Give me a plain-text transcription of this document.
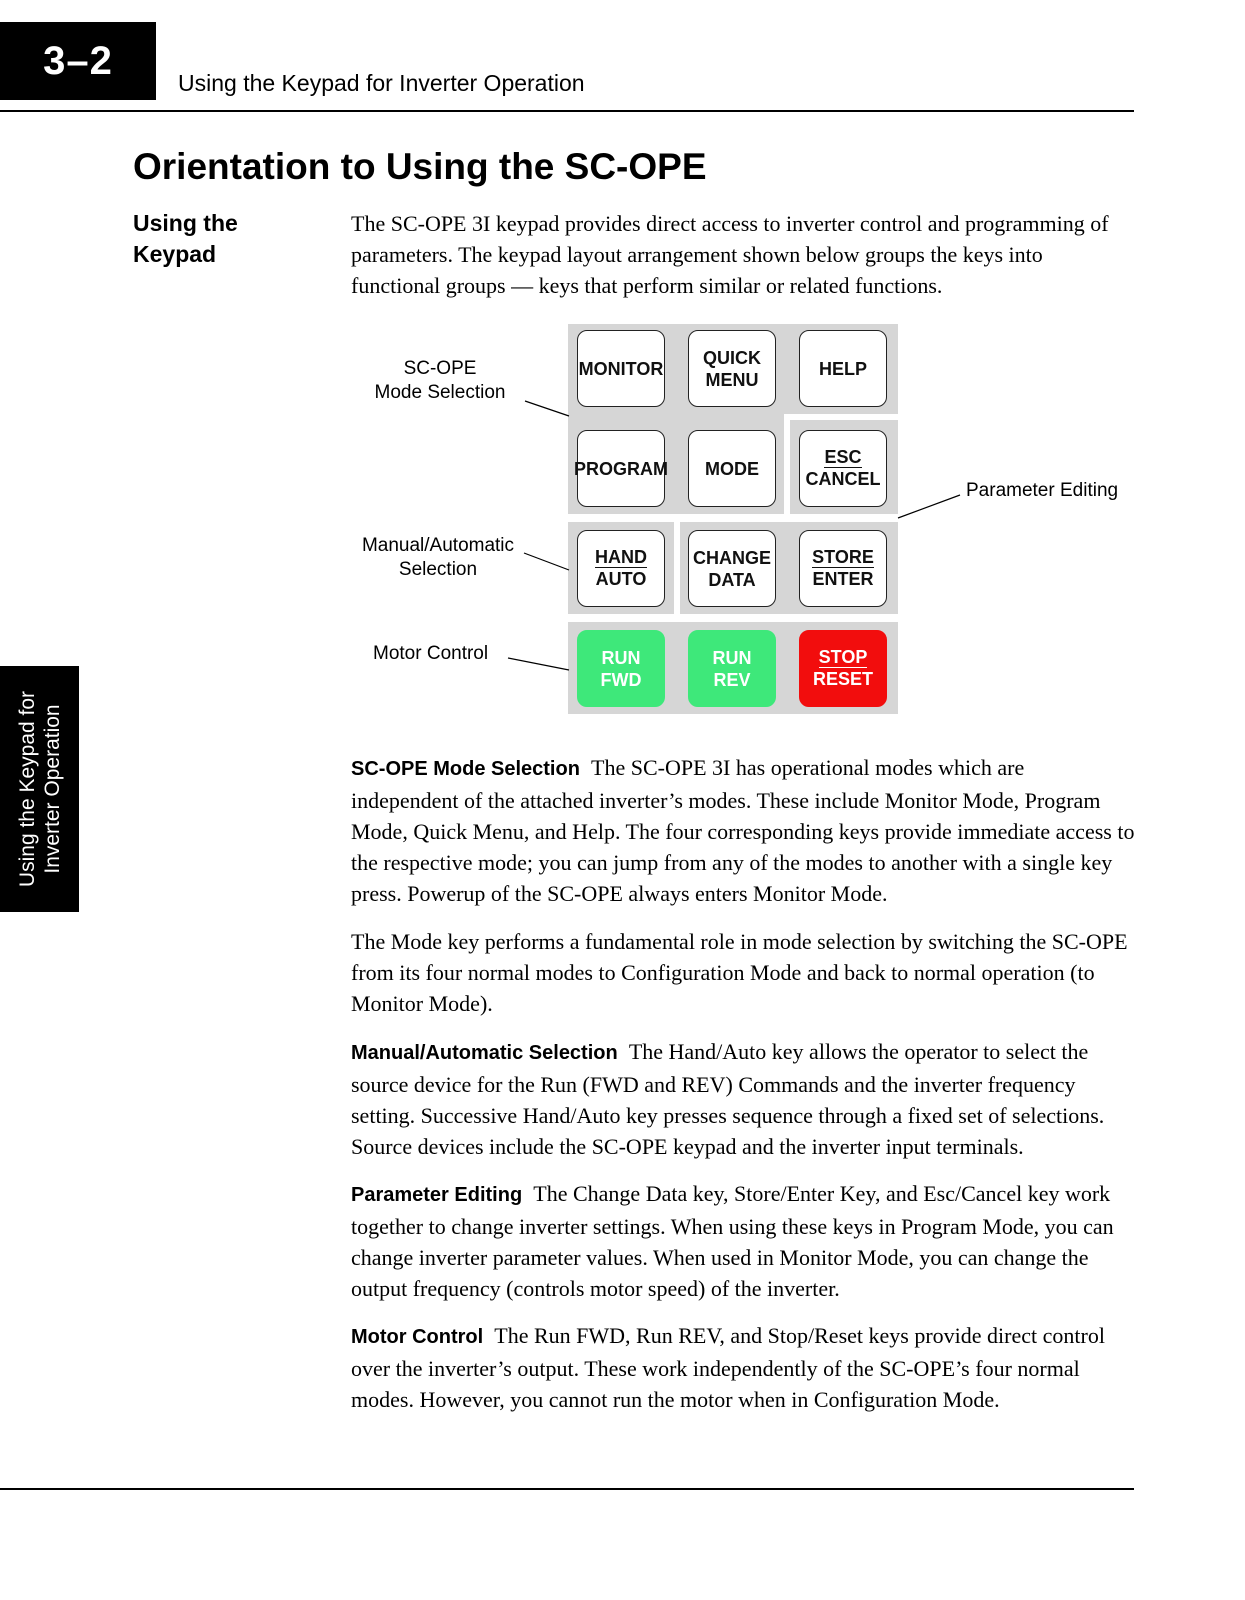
3–2	Using the Keypad for Inverter Operation
Using the Keypad for Inverter Operation
Orientation to Using the SC-OPE
Using the
Keypad

The SC-OPE 3I keypad provides direct access to inverter control and programming of parameters. The keypad layout arrangement shown below groups the keys into functional groups — keys that perform similar or related functions.

MONITOR
QUICK
MENU
HELP
PROGRAM MODE
ESC
CANCEL
HAND
AUTO
CHANGE
DATA
STORE
ENTER
RUN
FWD
RUN
REV
STOP
RESET
SC-OPE
Mode Selection
Manual/Automatic
Selection
Motor Control
Parameter Editing

SC-OPE Mode Selection The SC-OPE 3I has operational modes which are independent of the attached inverter’s modes. These include Monitor Mode, Program Mode, Quick Menu, and Help. The four corresponding keys provide immediate access to the respective mode; you can jump from any of the modes to another with a single key press. Powerup of the SC-OPE always enters Monitor Mode.

The Mode key performs a fundamental role in mode selection by switching the SC-OPE from its four normal modes to Configuration Mode and back to normal operation (to Monitor Mode).

Manual/Automatic Selection The Hand/Auto key allows the operator to select the source device for the Run (FWD and REV) Commands and the inverter frequency setting. Successive Hand/Auto key presses sequence through a fixed set of selections. Source devices include the SC-OPE keypad and the inverter input terminals.

Parameter Editing The Change Data key, Store/Enter Key, and Esc/Cancel key work together to change inverter settings. When using these keys in Program Mode, you can change inverter parameter values. When used in Monitor Mode, you can change the output frequency (controls motor speed) of the inverter.

Motor Control The Run FWD, Run REV, and Stop/Reset keys provide direct control over the inverter’s output. These work independently of the SC-OPE’s four normal modes. However, you cannot run the motor when in Configuration Mode.
